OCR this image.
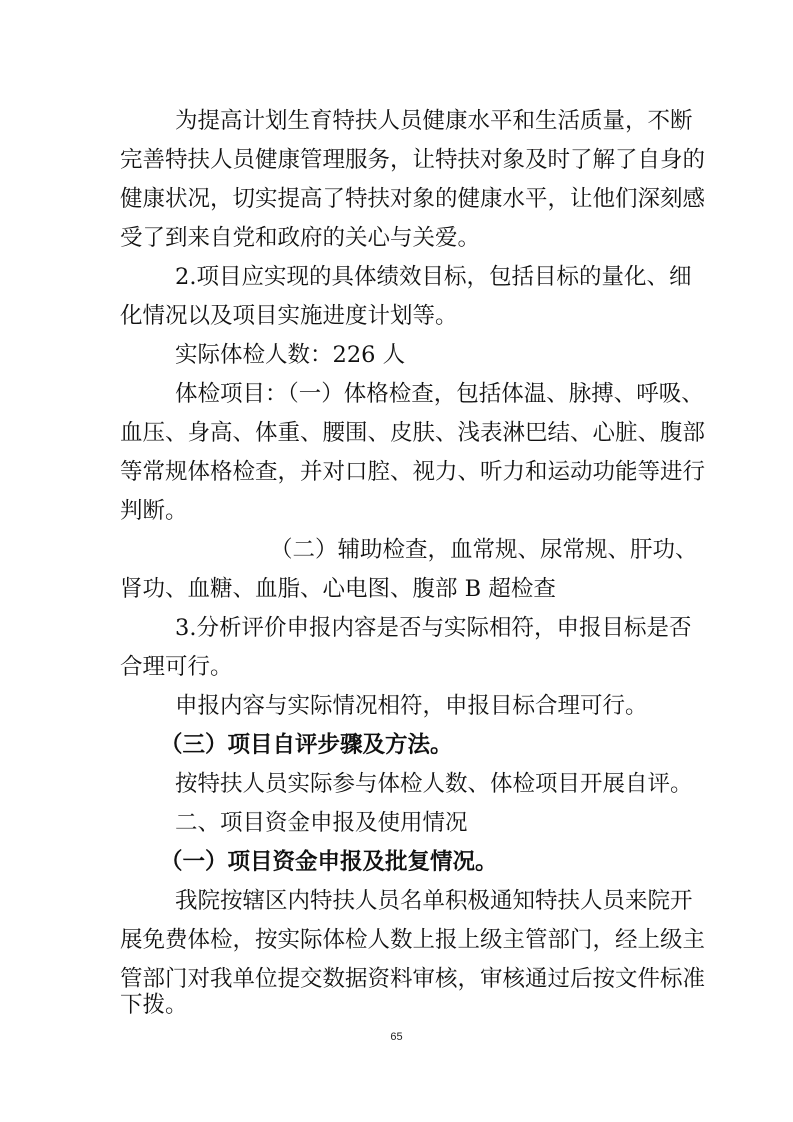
为提高计划生育特扶人员健康水平和生活质量，不断

完善特扶人员健康管理服务，让特扶对象及时了解了自身的

健康状况，切实提高了特扶对象的健康水平，让他们深刻感

受了到来自党和政府的关心与关爱。

2.项目应实现的具体绩效目标，包括目标的量化、细

化情况以及项目实施进度计划等。

实际体检人数：226 人

体检项目：（一）体格检查，包括体温、脉搏、呼吸、

血压、身高、体重、腰围、皮肤、浅表淋巴结、心脏、腹部

等常规体格检查，并对口腔、视力、听力和运动功能等进行

判断。

（二）辅助检查，血常规、尿常规、肝功、

肾功、血糖、血脂、心电图、腹部 B 超检查

3.分析评价申报内容是否与实际相符，申报目标是否

合理可行。

申报内容与实际情况相符，申报目标合理可行。

（三）项目自评步骤及方法。

按特扶人员实际参与体检人数、体检项目开展自评。

二、项目资金申报及使用情况

（一）项目资金申报及批复情况。

我院按辖区内特扶人员名单积极通知特扶人员来院开

展免费体检，按实际体检人数上报上级主管部门，经上级主

管部门对我单位提交数据资料审核，审核通过后按文件标准

下拨。

65
